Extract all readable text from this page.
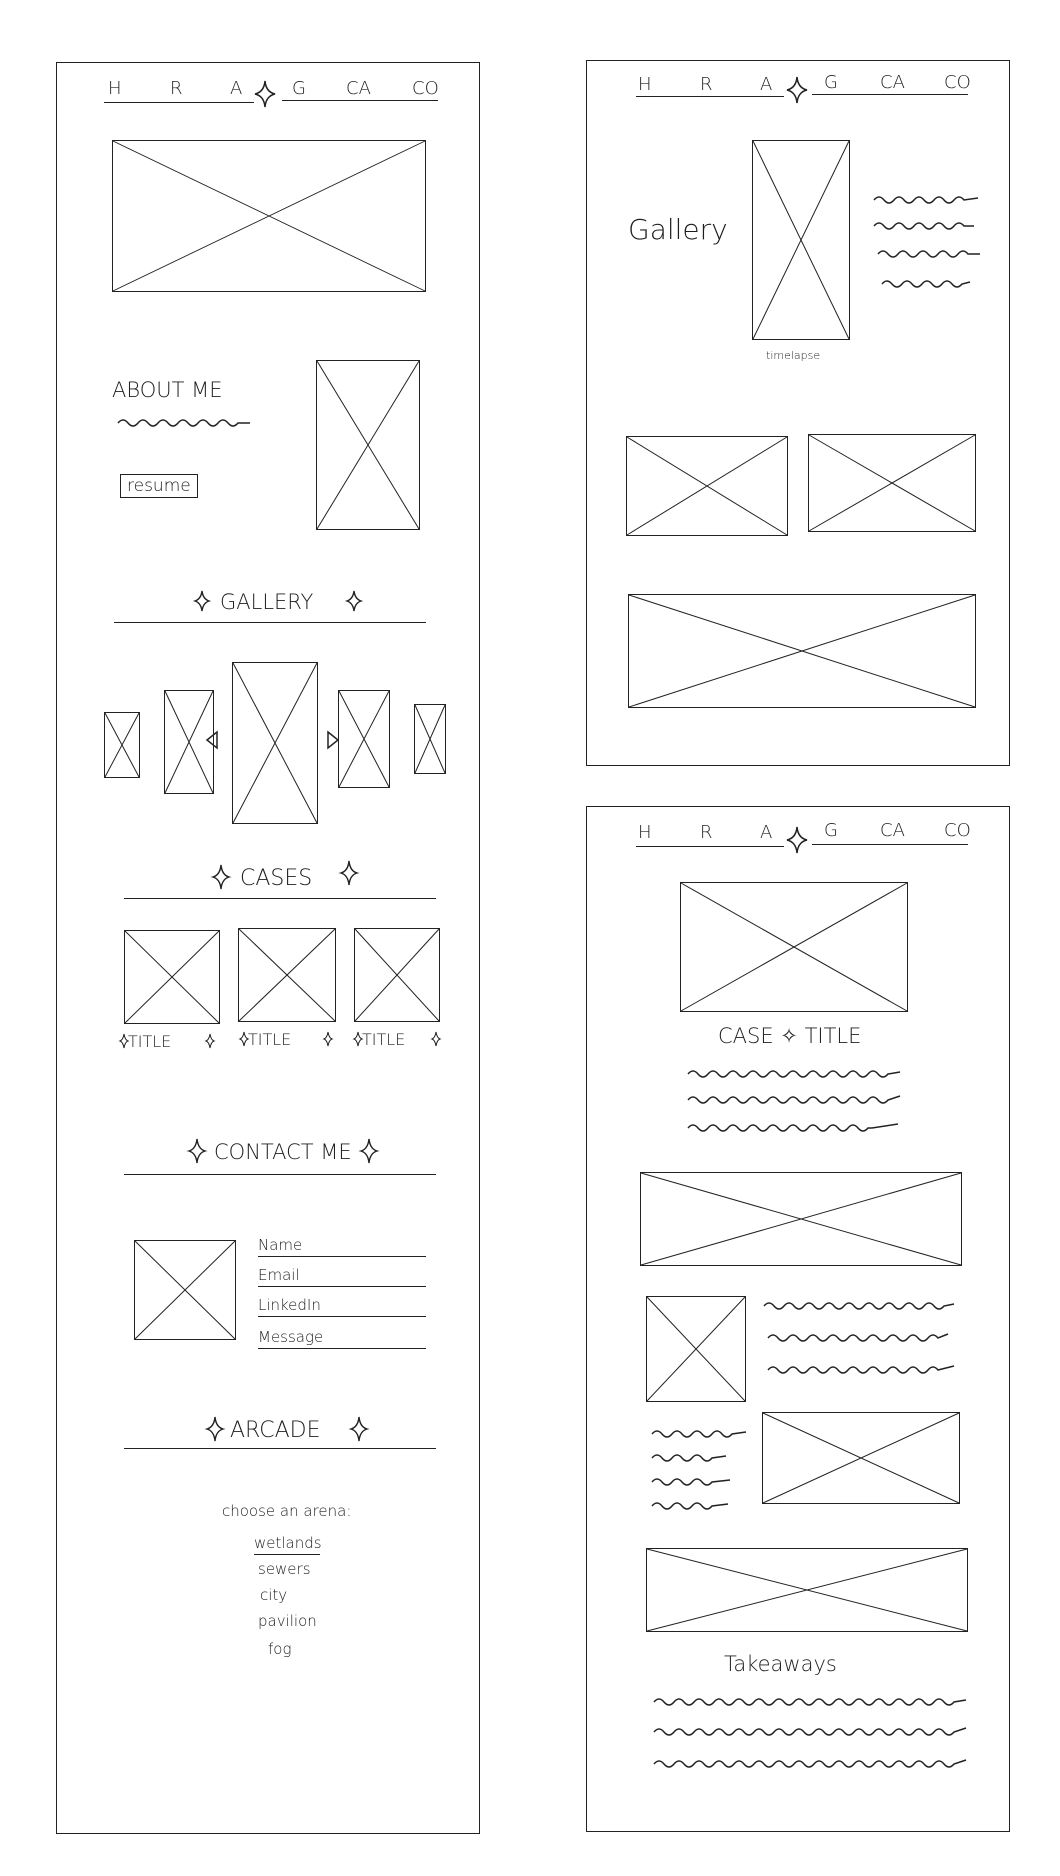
H	R	A	G CA CO
ABOUT ME
resume
GALLERY
CASES
TITLE	TITLE	TITLE
CONTACT ME
Name
Email
LinkedIn
Message
ARCADE
choose an arena:
wetlands
sewers
city
pavilion
fog
H	R	A	G CA CO
Gallery
timelapse
H	R	A	G CA CO
CASE ✧ TITLE
Takeaways
